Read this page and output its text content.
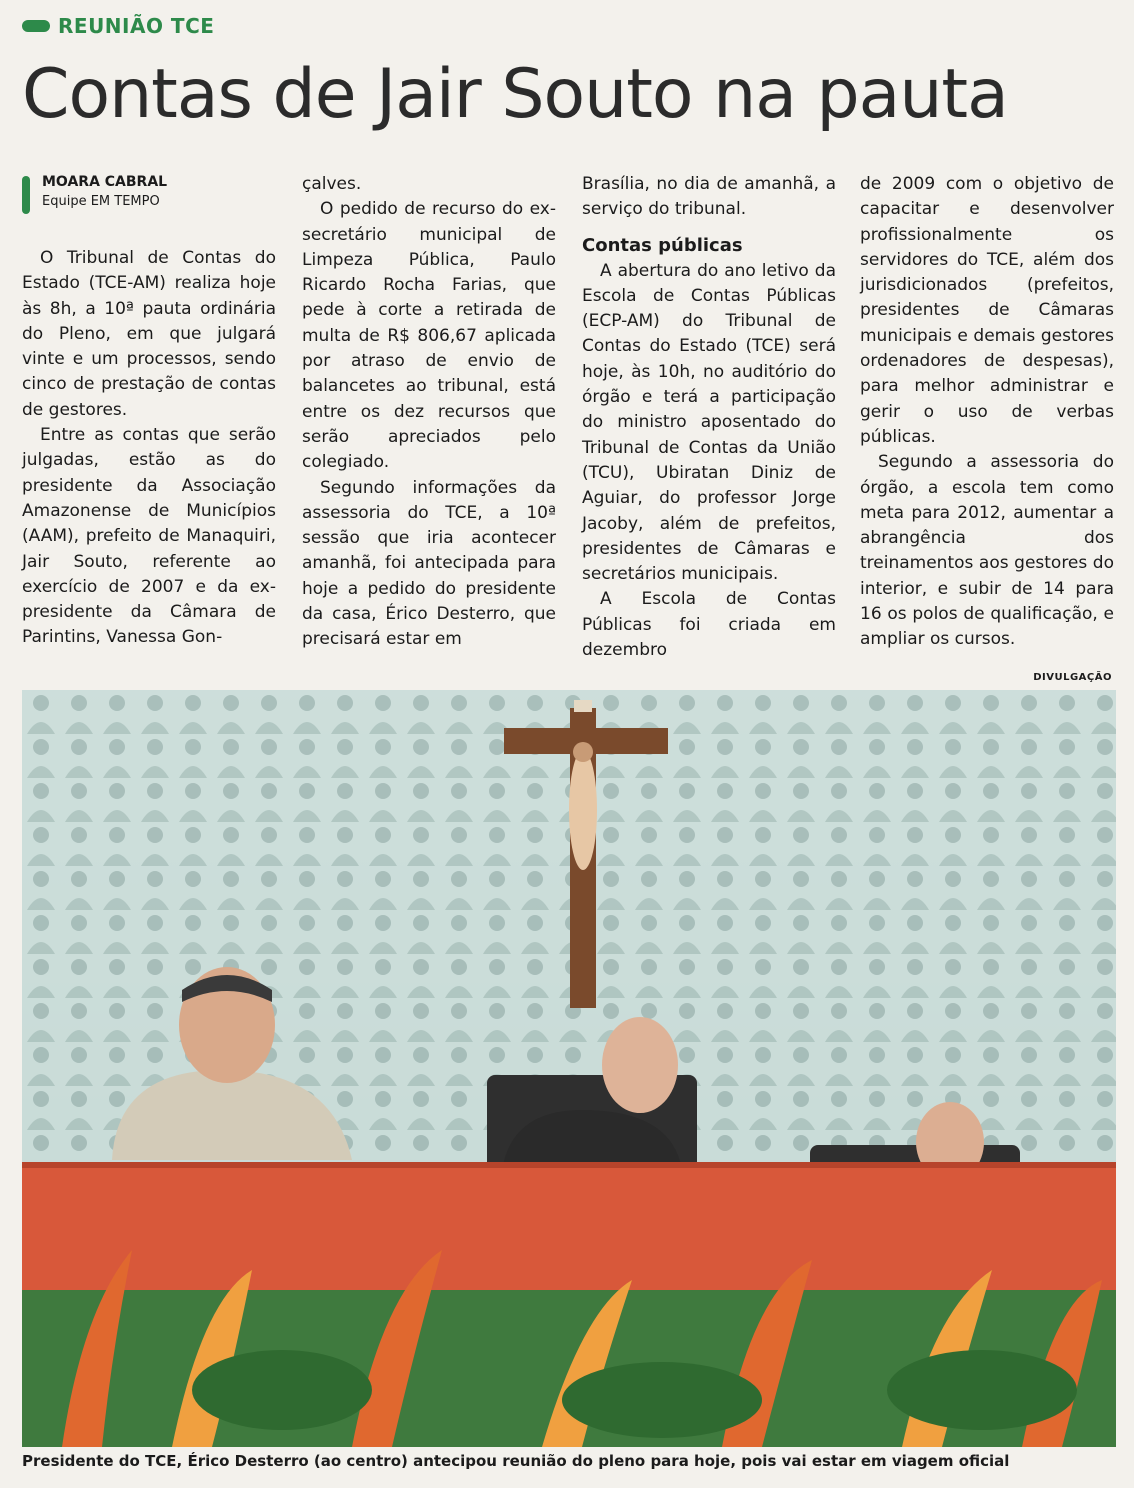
REUNIÃO TCE
Contas de Jair Souto na pauta
MOARA CABRAL
Equipe EM TEMPO

O Tribunal de Contas do Estado (TCE-AM) realiza hoje às 8h, a 10ª pauta ordinária do Pleno, em que julgará vinte e um processos, sendo cinco de prestação de contas de gestores.

Entre as contas que serão julgadas, estão as do presidente da Associação Amazonense de Municípios (AAM), prefeito de Manaquiri, Jair Souto, referente ao exercício de 2007 e da ex-presidente da Câmara de Parintins, Vanessa Gon-

çalves.

O pedido de recurso do ex-secretário municipal de Limpeza Pública, Paulo Ricardo Rocha Farias, que pede à corte a retirada de multa de R$ 806,67 aplicada por atraso de envio de balancetes ao tribunal, está entre os dez recursos que serão apreciados pelo colegiado.

Segundo informações da assessoria do TCE, a 10ª sessão que iria acontecer amanhã, foi antecipada para hoje a pedido do presidente da casa, Érico Desterro, que precisará estar em

Brasília, no dia de amanhã, a serviço do tribunal.

Contas públicas

A abertura do ano letivo da Escola de Contas Públicas (ECP-AM) do Tribunal de Contas do Estado (TCE) será hoje, às 10h, no auditório do órgão e terá a participação do ministro aposentado do Tribunal de Contas da União (TCU), Ubiratan Diniz de Aguiar, do professor Jorge Jacoby, além de prefeitos, presidentes de Câmaras e secretários municipais.

A Escola de Contas Públicas foi criada em dezembro

de 2009 com o objetivo de capacitar e desenvolver profissionalmente os servidores do TCE, além dos jurisdicionados (prefeitos, presidentes de Câmaras municipais e demais gestores ordenadores de despesas), para melhor administrar e gerir o uso de verbas públicas.

Segundo a assessoria do órgão, a escola tem como meta para 2012, aumentar a abrangência dos treinamentos aos gestores do interior, e subir de 14 para 16 os polos de qualificação, e ampliar os cursos.

DIVULGAÇÃO
Presidente do TCE, Érico Desterro (ao centro) antecipou reunião do pleno para hoje, pois vai estar em viagem oficial
